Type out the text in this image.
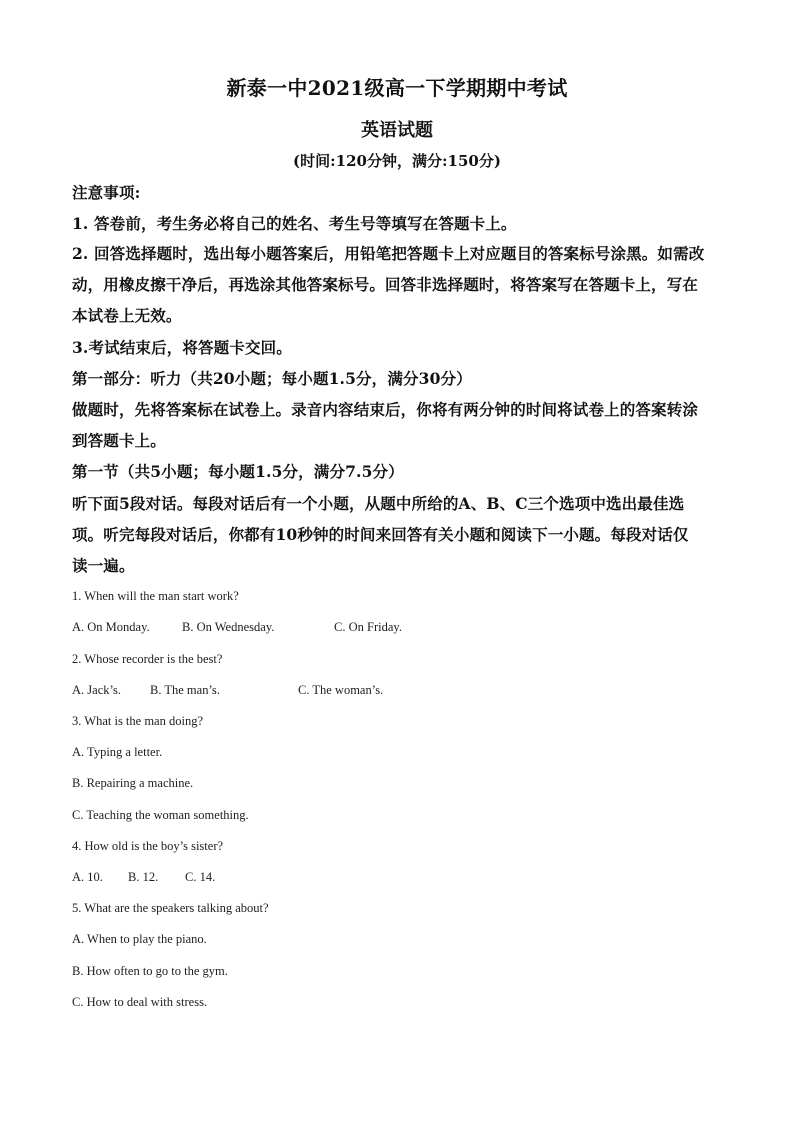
新泰一中2021级高一下学期期中考试
英语试题
(时间:120分钟，满分:150分)
注意事项:
1. 答卷前，考生务必将自己的姓名、考生号等填写在答题卡上。
2. 回答选择题时，选出每小题答案后，用铅笔把答题卡上对应题目的答案标号涂黑。如需改
动，用橡皮擦干净后，再选涂其他答案标号。回答非选择题时，将答案写在答题卡上，写在
本试卷上无效。
3.考试结束后，将答题卡交回。
第一部分：听力（共20小题；每小题1.5分，满分30分）
做题时，先将答案标在试卷上。录音内容结束后，你将有两分钟的时间将试卷上的答案转涂
到答题卡上。
第一节（共5小题；每小题1.5分，满分7.5分）
听下面5段对话。每段对话后有一个小题，从题中所给的A、B、C三个选项中选出最佳选
项。听完每段对话后，你都有10秒钟的时间来回答有关小题和阅读下一小题。每段对话仅
读一遍。
1. When will the man start work?
A. On Monday.	B. On Wednesday.	C. On Friday.
2. Whose recorder is the best?
A. Jack’s. B. The man’s.	C. The woman’s.
3. What is the man doing?
A. Typing a letter.
B. Repairing a machine.
C. Teaching the woman something.
4. How old is the boy’s sister?
A. 10. B. 12. C. 14.
5. What are the speakers talking about?
A. When to play the piano.
B. How often to go to the gym.
C. How to deal with stress.
